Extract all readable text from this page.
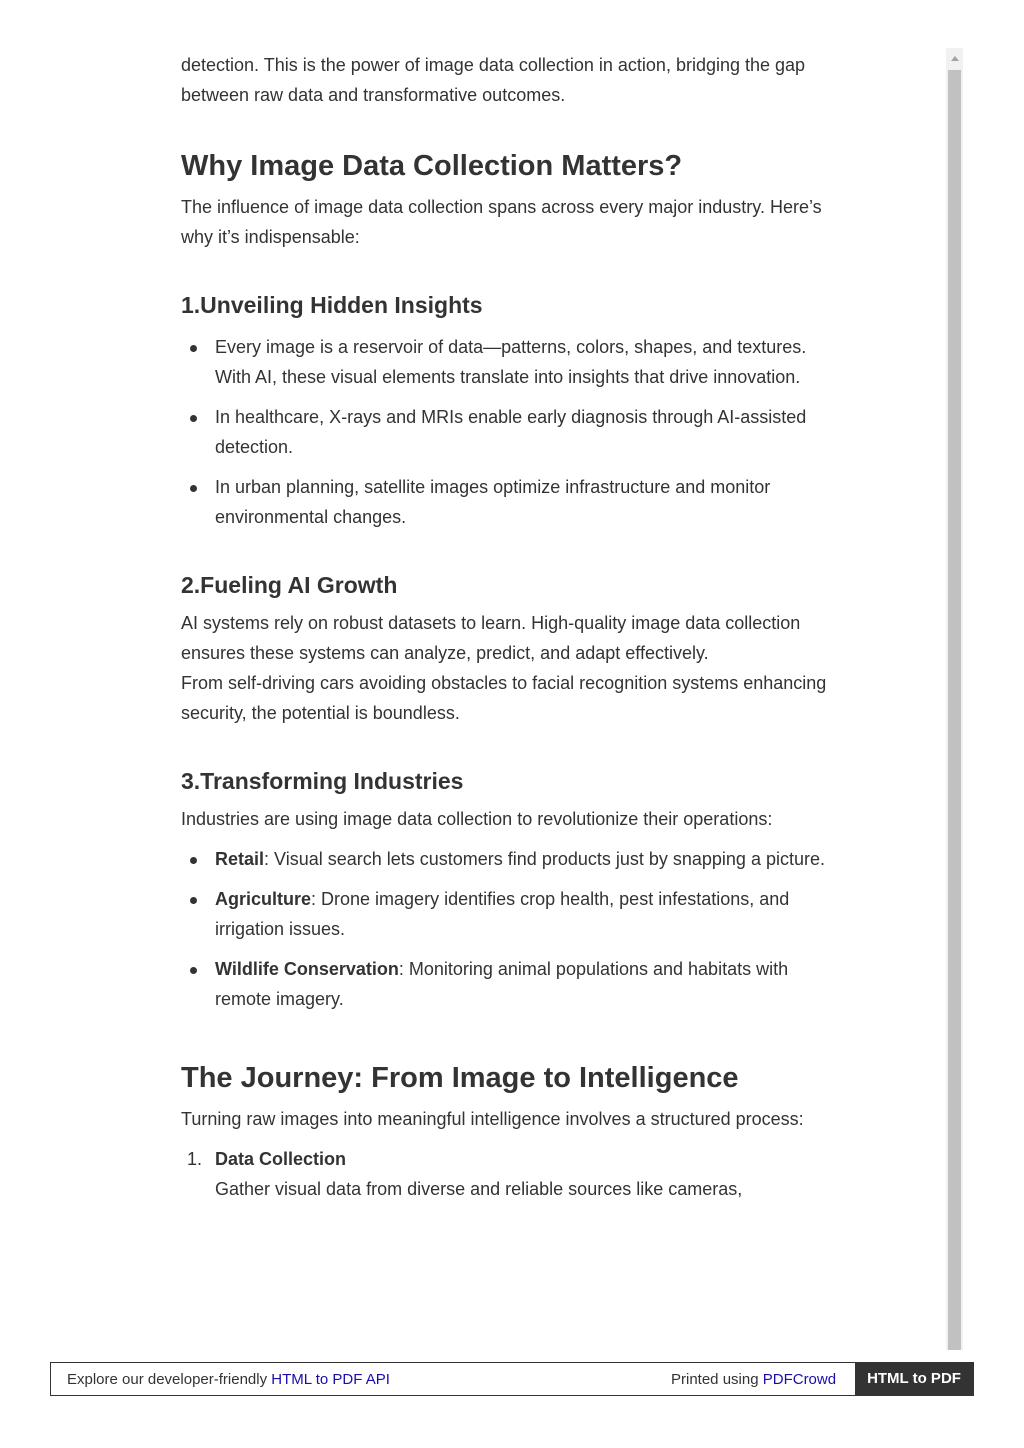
detection. This is the power of image data collection in action, bridging the gap between raw data and transformative outcomes.

Why Image Data Collection Matters?

The influence of image data collection spans across every major industry. Here’s why it’s indispensable:

1.Unveiling Hidden Insights
Every image is a reservoir of data—patterns, colors, shapes, and textures. With AI, these visual elements translate into insights that drive innovation.
In healthcare, X-rays and MRIs enable early diagnosis through AI-assisted detection.
In urban planning, satellite images optimize infrastructure and monitor environmental changes.
2.Fueling AI Growth

AI systems rely on robust datasets to learn. High-quality image data collection ensures these systems can analyze, predict, and adapt effectively.

From self-driving cars avoiding obstacles to facial recognition systems enhancing security, the potential is boundless.

3.Transforming Industries

Industries are using image data collection to revolutionize their operations:

Retail: Visual search lets customers find products just by snapping a picture.
Agriculture: Drone imagery identifies crop health, pest infestations, and irrigation issues.
Wildlife Conservation: Monitoring animal populations and habitats with remote imagery.
The Journey: From Image to Intelligence

Turning raw images into meaningful intelligence involves a structured process:

1. Data Collection
Gather visual data from diverse and reliable sources like cameras,
Explore our developer-friendly HTML to PDF API	Printed using PDFCrowd	HTML to PDF
